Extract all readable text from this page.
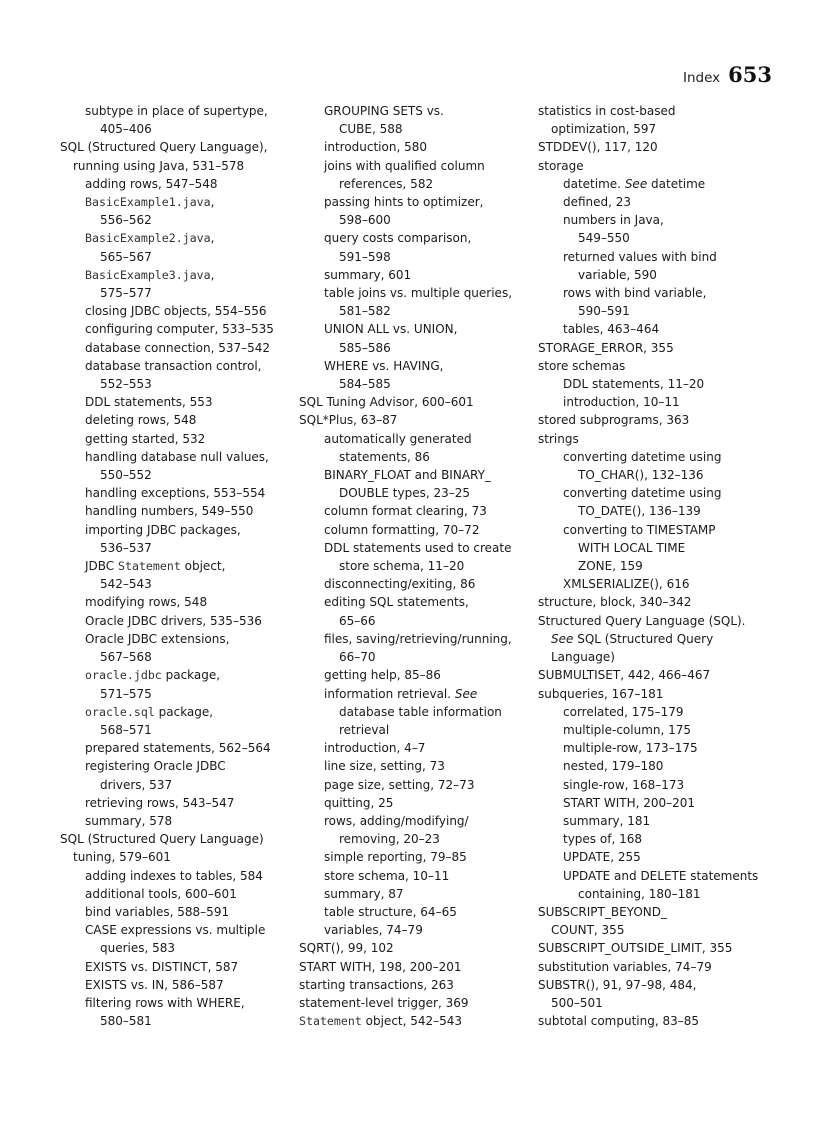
Index 653
subtype in place of supertype,
405–406
SQL (Structured Query Language),
running using Java, 531–578
adding rows, 547–548
BasicExample1.java,
556–562
BasicExample2.java,
565–567
BasicExample3.java,
575–577
closing JDBC objects, 554–556
configuring computer, 533–535
database connection, 537–542
database transaction control,
552–553
DDL statements, 553
deleting rows, 548
getting started, 532
handling database null values,
550–552
handling exceptions, 553–554
handling numbers, 549–550
importing JDBC packages,
536–537
JDBC Statement object,
542–543
modifying rows, 548
Oracle JDBC drivers, 535–536
Oracle JDBC extensions,
567–568
oracle.jdbc package,
571–575
oracle.sql package,
568–571
prepared statements, 562–564
registering Oracle JDBC
drivers, 537
retrieving rows, 543–547
summary, 578
SQL (Structured Query Language)
tuning, 579–601
adding indexes to tables, 584
additional tools, 600–601
bind variables, 588–591
CASE expressions vs. multiple
queries, 583
EXISTS vs. DISTINCT, 587
EXISTS vs. IN, 586–587
filtering rows with WHERE,
580–581
GROUPING SETS vs.
CUBE, 588
introduction, 580
joins with qualified column
references, 582
passing hints to optimizer,
598–600
query costs comparison,
591–598
summary, 601
table joins vs. multiple queries,
581–582
UNION ALL vs. UNION,
585–586
WHERE vs. HAVING,
584–585
SQL Tuning Advisor, 600–601
SQL*Plus, 63–87
automatically generated
statements, 86
BINARY_FLOAT and BINARY_
DOUBLE types, 23–25
column format clearing, 73
column formatting, 70–72
DDL statements used to create
store schema, 11–20
disconnecting/exiting, 86
editing SQL statements,
65–66
files, saving/retrieving/running,
66–70
getting help, 85–86
information retrieval. See
database table information
retrieval
introduction, 4–7
line size, setting, 73
page size, setting, 72–73
quitting, 25
rows, adding/modifying/
removing, 20–23
simple reporting, 79–85
store schema, 10–11
summary, 87
table structure, 64–65
variables, 74–79
SQRT(), 99, 102
START WITH, 198, 200–201
starting transactions, 263
statement-level trigger, 369
Statement object, 542–543
statistics in cost-based
optimization, 597
STDDEV(), 117, 120
storage
datetime. See datetime
defined, 23
numbers in Java,
549–550
returned values with bind
variable, 590
rows with bind variable,
590–591
tables, 463–464
STORAGE_ERROR, 355
store schemas
DDL statements, 11–20
introduction, 10–11
stored subprograms, 363
strings
converting datetime using
TO_CHAR(), 132–136
converting datetime using
TO_DATE(), 136–139
converting to TIMESTAMP
WITH LOCAL TIME
ZONE, 159
XMLSERIALIZE(), 616
structure, block, 340–342
Structured Query Language (SQL).
See SQL (Structured Query
Language)
SUBMULTISET, 442, 466–467
subqueries, 167–181
correlated, 175–179
multiple-column, 175
multiple-row, 173–175
nested, 179–180
single-row, 168–173
START WITH, 200–201
summary, 181
types of, 168
UPDATE, 255
UPDATE and DELETE statements
containing, 180–181
SUBSCRIPT_BEYOND_
COUNT, 355
SUBSCRIPT_OUTSIDE_LIMIT, 355
substitution variables, 74–79
SUBSTR(), 91, 97–98, 484,
500–501
subtotal computing, 83–85
